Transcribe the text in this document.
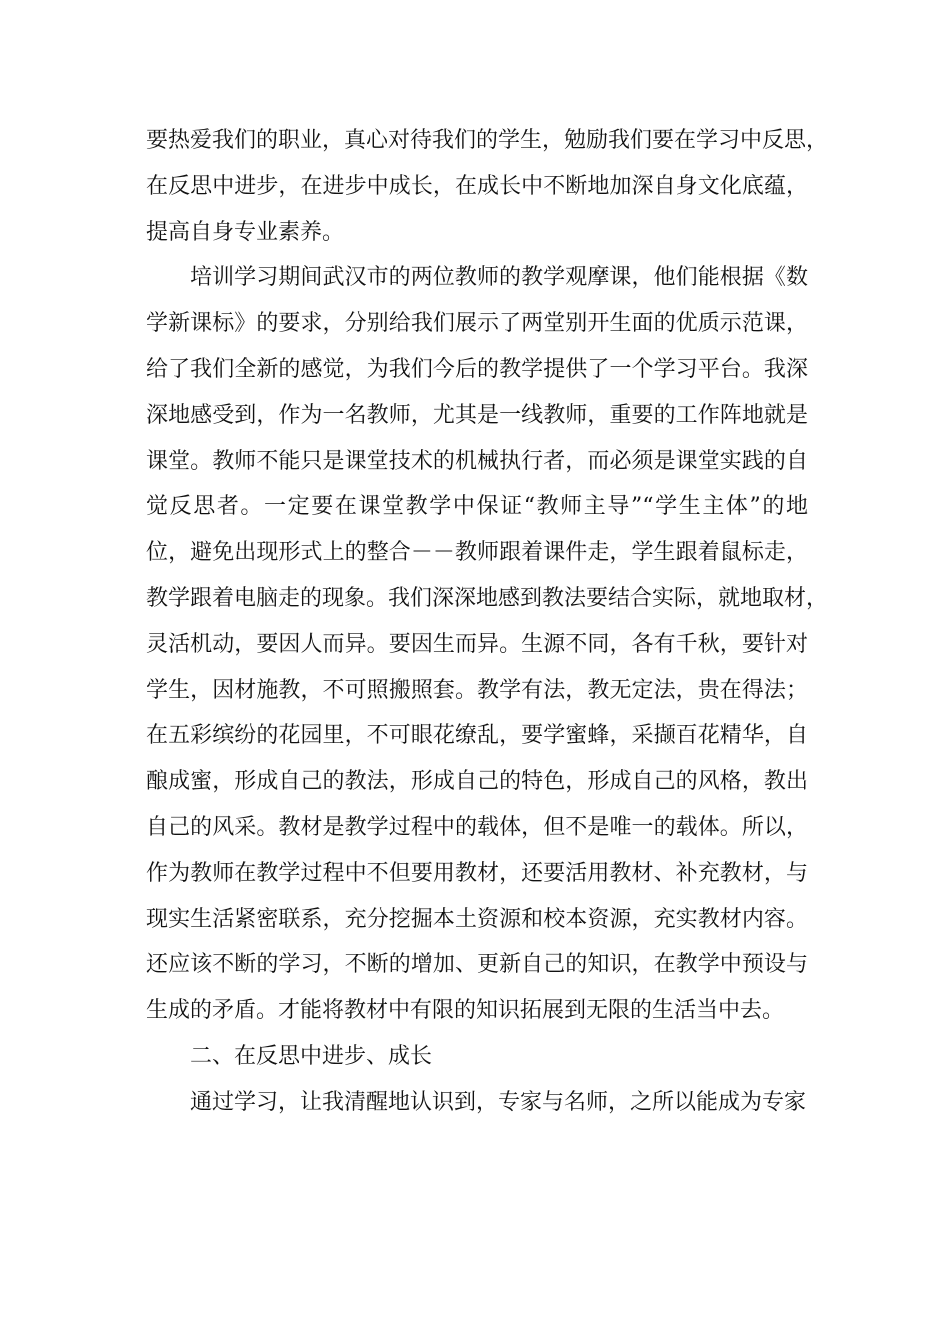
要热爱我们的职业，真心对待我们的学生，勉励我们要在学习中反思，
在反思中进步，在进步中成长，在成长中不断地加深自身文化底蕴，
提高自身专业素养。

培训学习期间武汉市的两位教师的教学观摩课，他们能根据《数
学新课标》的要求，分别给我们展示了两堂别开生面的优质示范课，
给了我们全新的感觉，为我们今后的教学提供了一个学习平台。我深
深地感受到，作为一名教师，尤其是一线教师，重要的工作阵地就是
课堂。教师不能只是课堂技术的机械执行者，而必须是课堂实践的自
觉反思者。一定要在课堂教学中保证“教师主导”“学生主体”的地
位，避免出现形式上的整合－－教师跟着课件走，学生跟着鼠标走，
教学跟着电脑走的现象。我们深深地感到教法要结合实际，就地取材，
灵活机动，要因人而异。要因生而异。生源不同，各有千秋，要针对
学生，因材施教，不可照搬照套。教学有法，教无定法，贵在得法；
在五彩缤纷的花园里，不可眼花缭乱，要学蜜蜂，采撷百花精华，自
酿成蜜，形成自己的教法，形成自己的特色，形成自己的风格，教出
自己的风采。教材是教学过程中的载体，但不是唯一的载体。所以，
作为教师在教学过程中不但要用教材，还要活用教材、补充教材，与
现实生活紧密联系，充分挖掘本土资源和校本资源，充实教材内容。
还应该不断的学习，不断的增加、更新自己的知识，在教学中预设与
生成的矛盾。才能将教材中有限的知识拓展到无限的生活当中去。

二、在反思中进步、成长

通过学习，让我清醒地认识到，专家与名师，之所以能成为专家
